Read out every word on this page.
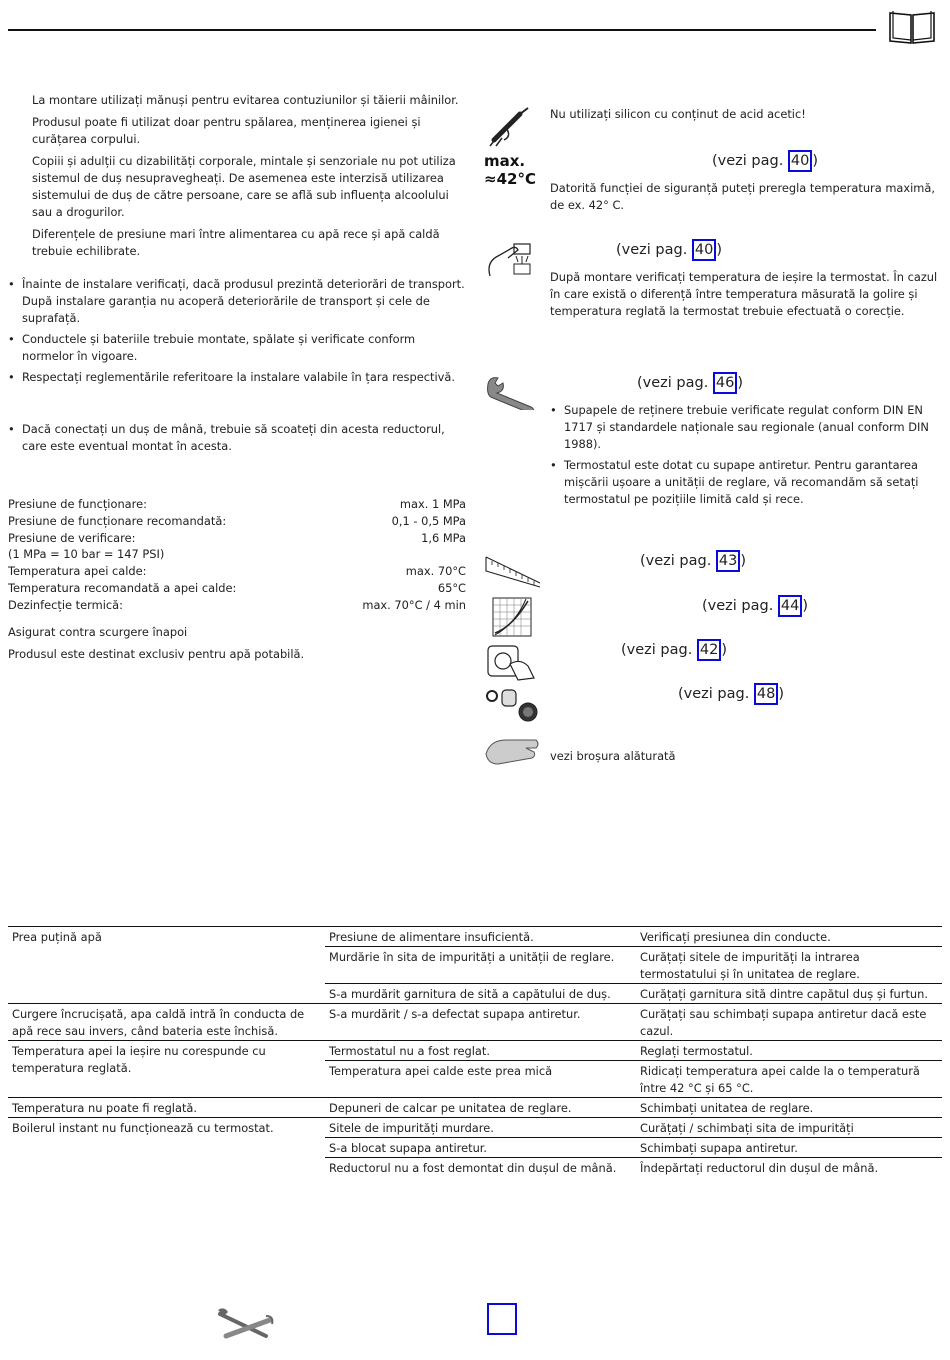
La montare utilizați mănuși pentru evitarea contuziunilor și tăierii mâinilor.

Produsul poate fi utilizat doar pentru spălarea, menținerea igienei și curățarea corpului.

Copiii și adulții cu dizabilități corporale, mintale și senzoriale nu pot utiliza sistemul de duș nesupravegheați. De asemenea este interzisă utilizarea sistemului de duș de către persoane, care se află sub influența alcoolului sau a drogurilor.

Diferențele de presiune mari între alimentarea cu apă rece și apă caldă trebuie echilibrate.

• Înainte de instalare verificați, dacă produsul prezintă deteriorări de transport. După instalare garanția nu acoperă deteriorările de transport și cele de suprafață.
• Conductele și bateriile trebuie montate, spălate și verificate conform normelor în vigoare.
• Respectați reglementările referitoare la instalare valabile în țara respectivă.
• Dacă conectați un duș de mână, trebuie să scoateți din acesta reductorul, care este eventual montat în acesta.
Presiune de funcționare:	max. 1 MPa
Presiune de funcționare recomandată:	0,1 - 0,5 MPa
Presiune de verificare:	1,6 MPa
(1 MPa = 10 bar = 147 PSI)
Temperatura apei calde:	max. 70°C
Temperatura recomandată a apei calde:	65°C
Dezinfecție termică:	max. 70°C / 4 min
Asigurat contra scurgere înapoi
Produsul este destinat exclusiv pentru apă potabilă.
max.
≈42°C
Nu utilizați silicon cu conținut de acid acetic!
(vezi pag. 40 )

Datorită funcției de siguranță puteți preregla temperatura maximă, de ex. 42° C.

(vezi pag. 40 )

După montare verificați temperatura de ieșire la termostat. În cazul în care există o diferență între temperatura măsurată la golire și temperatura reglată la termostat trebuie efectuată o corecție.

(vezi pag. 46 )
• Supapele de reținere trebuie verificate regulat conform DIN EN 1717 și standardele naționale sau regionale (anual conform DIN 1988).
• Termostatul este dotat cu supape antiretur. Pentru garantarea mișcării ușoare a unității de reglare, vă recomandăm să setați termostatul pe pozițiile limită cald și rece.
(vezi pag. 43 )
(vezi pag. 44 )
(vezi pag. 42 )
(vezi pag. 48 )
vezi broșura alăturată
Prea puțină apă	Presiune de alimentare insuficientă.	Verificați presiunea din conducte.
	Murdărie în sita de impurități a unității de reglare.	Curățați sitele de impurități la intrarea termostatului și în unitatea de reglare.
	S-a murdărit garnitura de sită a capătului de duș.	Curățați garnitura sită dintre capătul duș și furtun.
Curgere încrucișată, apa caldă intră în conducta de apă rece sau invers, când bateria este închisă.	S-a murdărit / s-a defectat supapa antiretur.	Curățați sau schimbați supapa antiretur dacă este cazul.
Temperatura apei la ieșire nu corespunde cu temperatura reglată.	Termostatul nu a fost reglat.	Reglați termostatul.
	Temperatura apei calde este prea mică	Ridicați temperatura apei calde la o temperatură între 42 °C și 65 °C.
Temperatura nu poate fi reglată.	Depuneri de calcar pe unitatea de reglare.	Schimbați unitatea de reglare.
Boilerul instant nu funcționează cu termostat.	Sitele de impurități murdare.	Curățați / schimbați sita de impurități
	S-a blocat supapa antiretur.	Schimbați supapa antiretur.
	Reductorul nu a fost demontat din dușul de mână.	Îndepărtați reductorul din dușul de mână.
